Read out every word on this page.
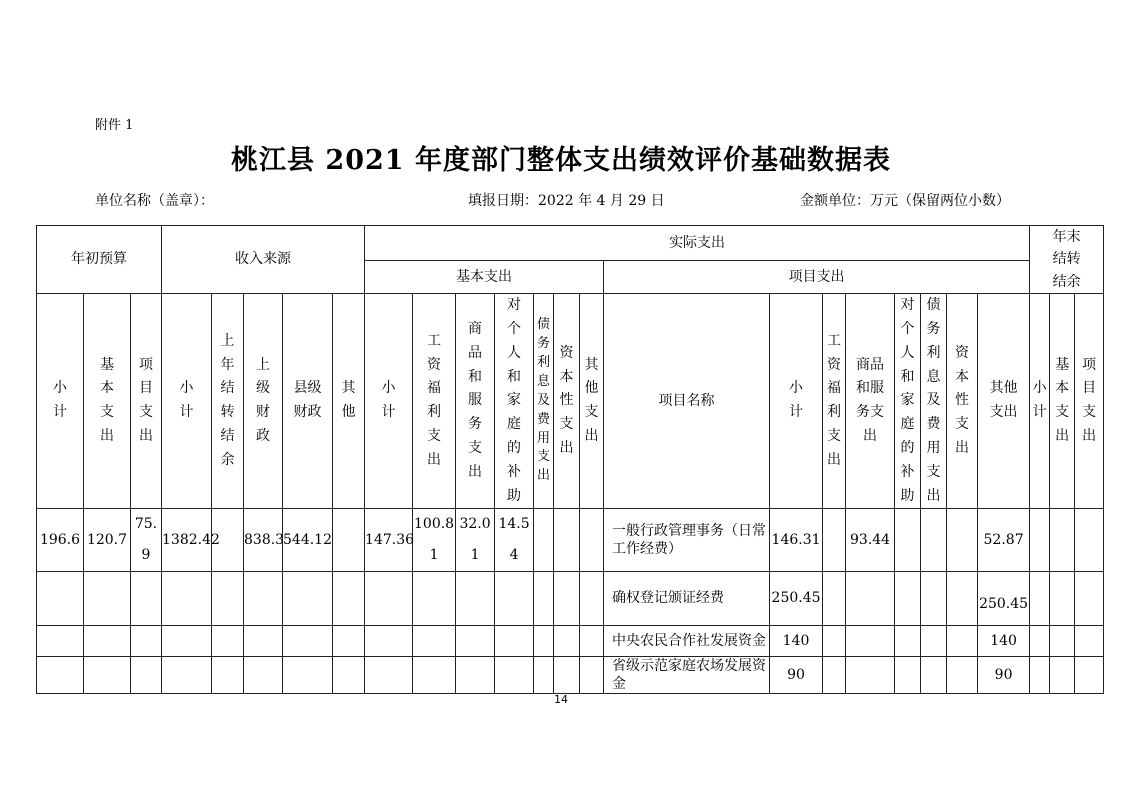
附件 1
桃江县 2021 年度部门整体支出绩效评价基础数据表
单位名称（盖章）：	填报日期：2022 年 4 月 29 日	金额单位：万元（保留两位小数）
年初预算			收入来源					实际支出															年末结转结余		
								基本支出							项目支出										
小计	基本支出	项目支出	小计	上年结转结余	上级财政	县级财政	其他	小计	工资福利支出	商品和服务支出	对个人和家庭的补助	债务利息及费用支出	资本性支出	其他支出	项目名称	小计	工资福利支出	商品和服务支出	对个人和家庭的补助	债务利息及费用支出	资本性支出	其他支出	小计	基本支出	项目支出
196.6	120.7	75.9	1382.42		838.3	544.12		147.36	100.81	32.01	14.54				一般行政管理事务（日常工作经费）	146.31		93.44				52.87			
															确权登记颁证经费	250.45						250.45			
															中央农民合作社发展资金	140						140			
															省级示范家庭农场发展资金	90						90			
14
